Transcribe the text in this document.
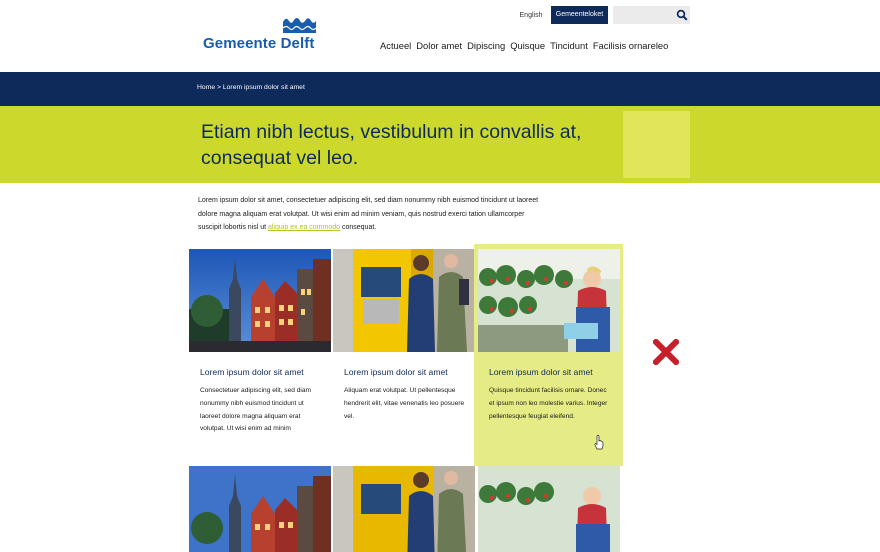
Gemeente Delft
English	Gemeenteloket
Actueel Dolor amet Dipiscing Quisque Tincidunt Facilisis ornareleo
Home > Lorem ipsum dolor sit amet
Etiam nibh lectus, vestibulum in convallis at, consequat vel leo.
Lorem ipsum dolor sit amet, consectetuer adipiscing elit, sed diam nonummy nibh euismod tincidunt ut laoreet dolore magna aliquam erat volutpat. Ut wisi enim ad minim veniam, quis nostrud exerci tation ullamcorper suscipit lobortis nisl ut aliquip ex ea commodo consequat.
Lorem ipsum dolor sit amet
Consectetuer adipiscing elit, sed diam nonummy nibh euismod tincidunt ut laoreet dolore magna aliquam erat volutpat. Ut wisi enim ad minim
Lorem ipsum dolor sit amet
Aliquam erat volutpat. Ut pellentesque hendrerit elit, vitae venenatis leo posuere vel.
Lorem ipsum dolor sit amet
Quisque tincidunt facilisis ornare. Donec et ipsum non leo molestie varius. Integer pellentesque feugiat eleifend.
